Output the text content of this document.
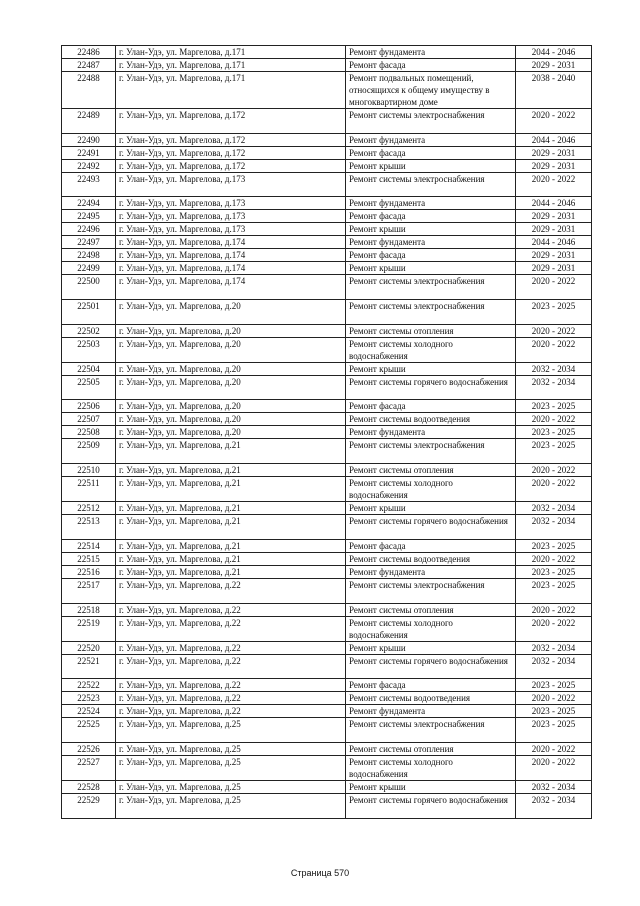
22486	г. Улан-Удэ, ул. Маргелова, д.171	Ремонт фундамента	2044 - 2046
22487	г. Улан-Удэ, ул. Маргелова, д.171	Ремонт фасада	2029 - 2031
22488	г. Улан-Удэ, ул. Маргелова, д.171	Ремонт подвальных помещений, относящихся к общему имуществу в многоквартирном доме	2038 - 2040
22489	г. Улан-Удэ, ул. Маргелова, д.172	Ремонт системы электроснабжения	2020 - 2022
22490	г. Улан-Удэ, ул. Маргелова, д.172	Ремонт фундамента	2044 - 2046
22491	г. Улан-Удэ, ул. Маргелова, д.172	Ремонт фасада	2029 - 2031
22492	г. Улан-Удэ, ул. Маргелова, д.172	Ремонт крыши	2029 - 2031
22493	г. Улан-Удэ, ул. Маргелова, д.173	Ремонт системы электроснабжения	2020 - 2022
22494	г. Улан-Удэ, ул. Маргелова, д.173	Ремонт фундамента	2044 - 2046
22495	г. Улан-Удэ, ул. Маргелова, д.173	Ремонт фасада	2029 - 2031
22496	г. Улан-Удэ, ул. Маргелова, д.173	Ремонт крыши	2029 - 2031
22497	г. Улан-Удэ, ул. Маргелова, д.174	Ремонт фундамента	2044 - 2046
22498	г. Улан-Удэ, ул. Маргелова, д.174	Ремонт фасада	2029 - 2031
22499	г. Улан-Удэ, ул. Маргелова, д.174	Ремонт крыши	2029 - 2031
22500	г. Улан-Удэ, ул. Маргелова, д.174	Ремонт системы электроснабжения	2020 - 2022
22501	г. Улан-Удэ, ул. Маргелова, д.20	Ремонт системы электроснабжения	2023 - 2025
22502	г. Улан-Удэ, ул. Маргелова, д.20	Ремонт системы отопления	2020 - 2022
22503	г. Улан-Удэ, ул. Маргелова, д.20	Ремонт системы холодного водоснабжения	2020 - 2022
22504	г. Улан-Удэ, ул. Маргелова, д.20	Ремонт крыши	2032 - 2034
22505	г. Улан-Удэ, ул. Маргелова, д.20	Ремонт системы горячего водоснабжения	2032 - 2034
22506	г. Улан-Удэ, ул. Маргелова, д.20	Ремонт фасада	2023 - 2025
22507	г. Улан-Удэ, ул. Маргелова, д.20	Ремонт системы водоотведения	2020 - 2022
22508	г. Улан-Удэ, ул. Маргелова, д.20	Ремонт фундамента	2023 - 2025
22509	г. Улан-Удэ, ул. Маргелова, д.21	Ремонт системы электроснабжения	2023 - 2025
22510	г. Улан-Удэ, ул. Маргелова, д.21	Ремонт системы отопления	2020 - 2022
22511	г. Улан-Удэ, ул. Маргелова, д.21	Ремонт системы холодного водоснабжения	2020 - 2022
22512	г. Улан-Удэ, ул. Маргелова, д.21	Ремонт крыши	2032 - 2034
22513	г. Улан-Удэ, ул. Маргелова, д.21	Ремонт системы горячего водоснабжения	2032 - 2034
22514	г. Улан-Удэ, ул. Маргелова, д.21	Ремонт фасада	2023 - 2025
22515	г. Улан-Удэ, ул. Маргелова, д.21	Ремонт системы водоотведения	2020 - 2022
22516	г. Улан-Удэ, ул. Маргелова, д.21	Ремонт фундамента	2023 - 2025
22517	г. Улан-Удэ, ул. Маргелова, д.22	Ремонт системы электроснабжения	2023 - 2025
22518	г. Улан-Удэ, ул. Маргелова, д.22	Ремонт системы отопления	2020 - 2022
22519	г. Улан-Удэ, ул. Маргелова, д.22	Ремонт системы холодного водоснабжения	2020 - 2022
22520	г. Улан-Удэ, ул. Маргелова, д.22	Ремонт крыши	2032 - 2034
22521	г. Улан-Удэ, ул. Маргелова, д.22	Ремонт системы горячего водоснабжения	2032 - 2034
22522	г. Улан-Удэ, ул. Маргелова, д.22	Ремонт фасада	2023 - 2025
22523	г. Улан-Удэ, ул. Маргелова, д.22	Ремонт системы водоотведения	2020 - 2022
22524	г. Улан-Удэ, ул. Маргелова, д.22	Ремонт фундамента	2023 - 2025
22525	г. Улан-Удэ, ул. Маргелова, д.25	Ремонт системы электроснабжения	2023 - 2025
22526	г. Улан-Удэ, ул. Маргелова, д.25	Ремонт системы отопления	2020 - 2022
22527	г. Улан-Удэ, ул. Маргелова, д.25	Ремонт системы холодного водоснабжения	2020 - 2022
22528	г. Улан-Удэ, ул. Маргелова, д.25	Ремонт крыши	2032 - 2034
22529	г. Улан-Удэ, ул. Маргелова, д.25	Ремонт системы горячего водоснабжения	2032 - 2034
Страница 570
